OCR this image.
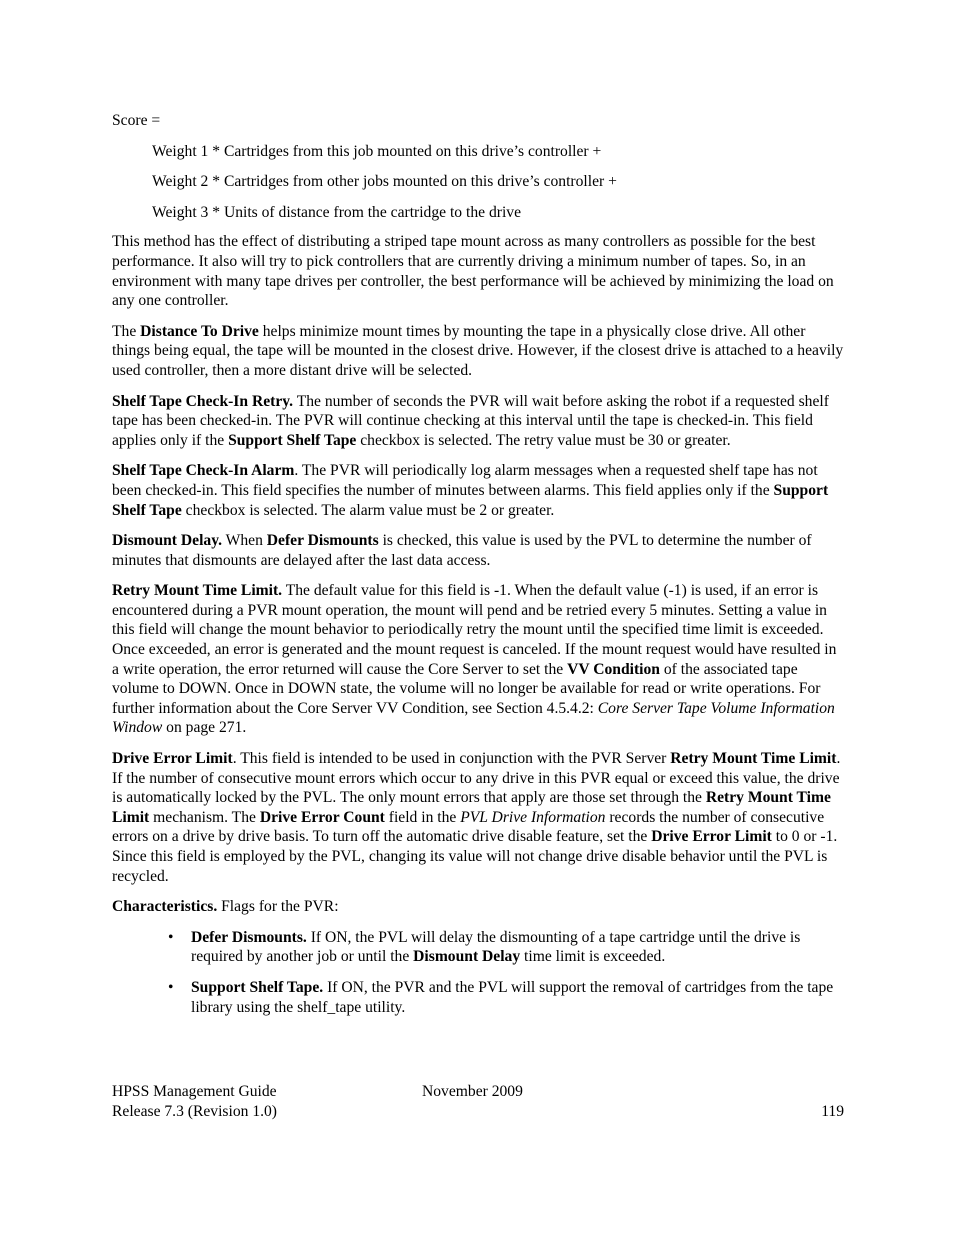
Score =

Weight 1 * Cartridges from this job mounted on this drive’s controller +

Weight 2 * Cartridges from other jobs mounted on this drive’s controller +

Weight 3 * Units of distance from the cartridge to the drive

This method has the effect of distributing a striped tape mount across as many controllers as possible for the best performance. It also will try to pick controllers that are currently driving a minimum number of tapes. So, in an environment with many tape drives per controller, the best performance will be achieved by minimizing the load on any one controller.

The Distance To Drive helps minimize mount times by mounting the tape in a physically close drive. All other things being equal, the tape will be mounted in the closest drive. However, if the closest drive is attached to a heavily used controller, then a more distant drive will be selected.

Shelf Tape Check-In Retry. The number of seconds the PVR will wait before asking the robot if a requested shelf tape has been checked-in. The PVR will continue checking at this interval until the tape is checked-in. This field applies only if the Support Shelf Tape checkbox is selected. The retry value must be 30 or greater.

Shelf Tape Check-In Alarm. The PVR will periodically log alarm messages when a requested shelf tape has not been checked-in. This field specifies the number of minutes between alarms. This field applies only if the Support Shelf Tape checkbox is selected. The alarm value must be 2 or greater.

Dismount Delay. When Defer Dismounts is checked, this value is used by the PVL to determine the number of minutes that dismounts are delayed after the last data access.

Retry Mount Time Limit. The default value for this field is -1. When the default value (-1) is used, if an error is encountered during a PVR mount operation, the mount will pend and be retried every 5 minutes. Setting a value in this field will change the mount behavior to periodically retry the mount until the specified time limit is exceeded. Once exceeded, an error is generated and the mount request is canceled. If the mount request would have resulted in a write operation, the error returned will cause the Core Server to set the VV Condition of the associated tape volume to DOWN. Once in DOWN state, the volume will no longer be available for read or write operations. For further information about the Core Server VV Condition, see Section 4.5.4.2: Core Server Tape Volume Information Window on page 271.

Drive Error Limit. This field is intended to be used in conjunction with the PVR Server Retry Mount Time Limit. If the number of consecutive mount errors which occur to any drive in this PVR equal or exceed this value, the drive is automatically locked by the PVL. The only mount errors that apply are those set through the Retry Mount Time Limit mechanism. The Drive Error Count field in the PVL Drive Information records the number of consecutive errors on a drive by drive basis. To turn off the automatic drive disable feature, set the Drive Error Limit to 0 or -1. Since this field is employed by the PVL, changing its value will not change drive disable behavior until the PVL is recycled.

Characteristics. Flags for the PVR:

• Defer Dismounts. If ON, the PVL will delay the dismounting of a tape cartridge until the drive is required by another job or until the Dismount Delay time limit is exceeded.
• Support Shelf Tape. If ON, the PVR and the PVL will support the removal of cartridges from the tape library using the shelf_tape utility.
HPSS Management Guide	November 2009
Release 7.3 (Revision 1.0)	119
